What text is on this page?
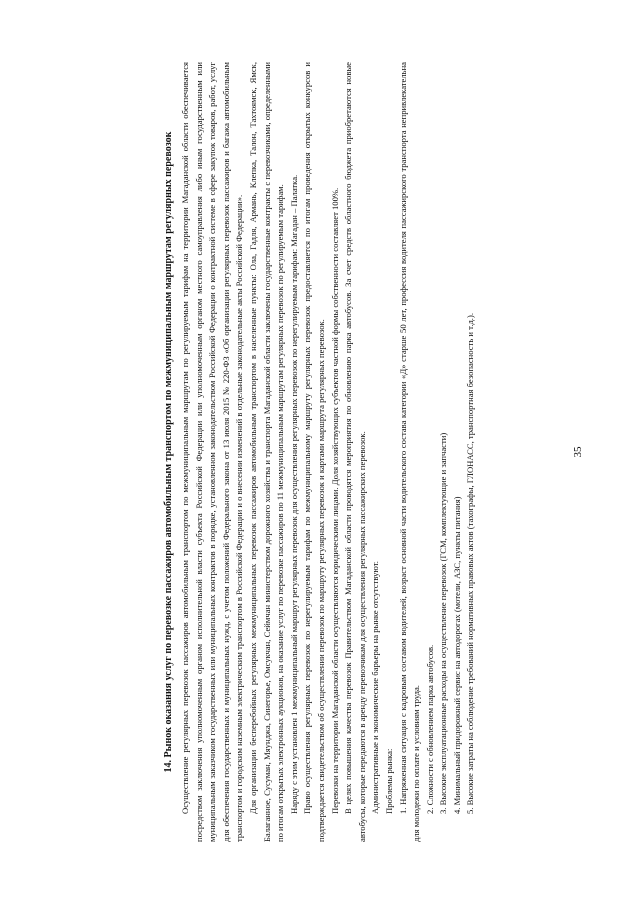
35
14. Рынок оказания услуг по перевозке пассажиров автомобильным транспортом по межмуниципальным маршрутам регулярных перевозок Осуществление регулярных перевозок пассажиров автомобильным транспортом по межмуниципальным маршрутам по регулируемым тарифам на территории Магаданской области обеспечивается посредством заключения уполномоченным органом исполнительной власти субъекта Российской Федерации или уполномоченным органом местного самоуправления либо иным государственным или муниципальным заказчиком государственных или муниципальных контрактов в порядке, установленном законодательством Российской Федерации о контрактной системе в сфере закупок товаров, работ, услуг для обеспечения государственных и муниципальных нужд, с учетом положений Федерального закона от 13 июля 2015 № 220-ФЗ «Об организации регулярных перевозок пассажиров и багажа автомобильным транспортом и городским наземным электрическим транспортом в Российской Федерации и о внесении изменений в отдельные законодательные акты Российской Федерации». Для организации бесперебойных регулярных межмуниципальных перевозок пассажиров автомобильным транспортом в населенные пункты: Ола, Гадля, Армань, Клепка, Талон, Тахтоямск, Ямск, Балаганное, Сусуман, Мяунджа, Синегорье, Омсукчан, Сеймчан министерством дорожного хозяйства и транспорта Магаданской области заключены государственные контракты с перевозчиками, определенными по итогам открытых электронных аукционов, на оказание услуг по перевозке пассажиров по 11 межмуниципальным маршрутам регулярных перевозок по регулируемым тарифам. Наряду с этим установлен 1 межмуниципальный маршрут регулярных перевозок для осуществления регулярных перевозок по нерегулируемым тарифам: Магадан – Палатка. Право осуществления регулярных перевозок по нерегулируемым тарифам по межмуниципальному маршруту регулярных перевозок предоставляется по итогам проведения открытых конкурсов и подтверждается свидетельством об осуществлении перевозок по маршруту регулярных перевозок и картами маршрута регулярных перевозок. Перевозки на территории Магаданской области осуществляются юридическими лицами. Доля хозяйствующих субъектов частной формы собственности составляет 100%. В целях повышения качества перевозок Правительством Магаданской области проводятся мероприятия по обновлению парка автобусов. За счет средств областного бюджета приобретаются новые автобусы, которые передаются в аренду перевозчикам для осуществления регулярных пассажирских перевозок. Административные и экономические барьеры на рынке отсутствуют. Проблемы рынка: 1. Напряженная ситуация с кадровым составом водителей, возраст основной части водительского состава категории «Д» старше 50 лет, профессия водителя пассажирского транспорта непривлекательна для молодежи по оплате и условиям труда. 2. Сложности с обновлением парка автобусов. 3. Высокие эксплуатационные расходы на осуществление перевозок (ГСМ, комплектующие и запчасти) 4. Минимальный придорожный сервис на автодорогах (мотели, АЗС, пункты питания) 5. Высокие затраты на соблюдение требований нормативных правовых актов (тахографы, ГЛОНАСС, транспортная безопасность и т.д.).
